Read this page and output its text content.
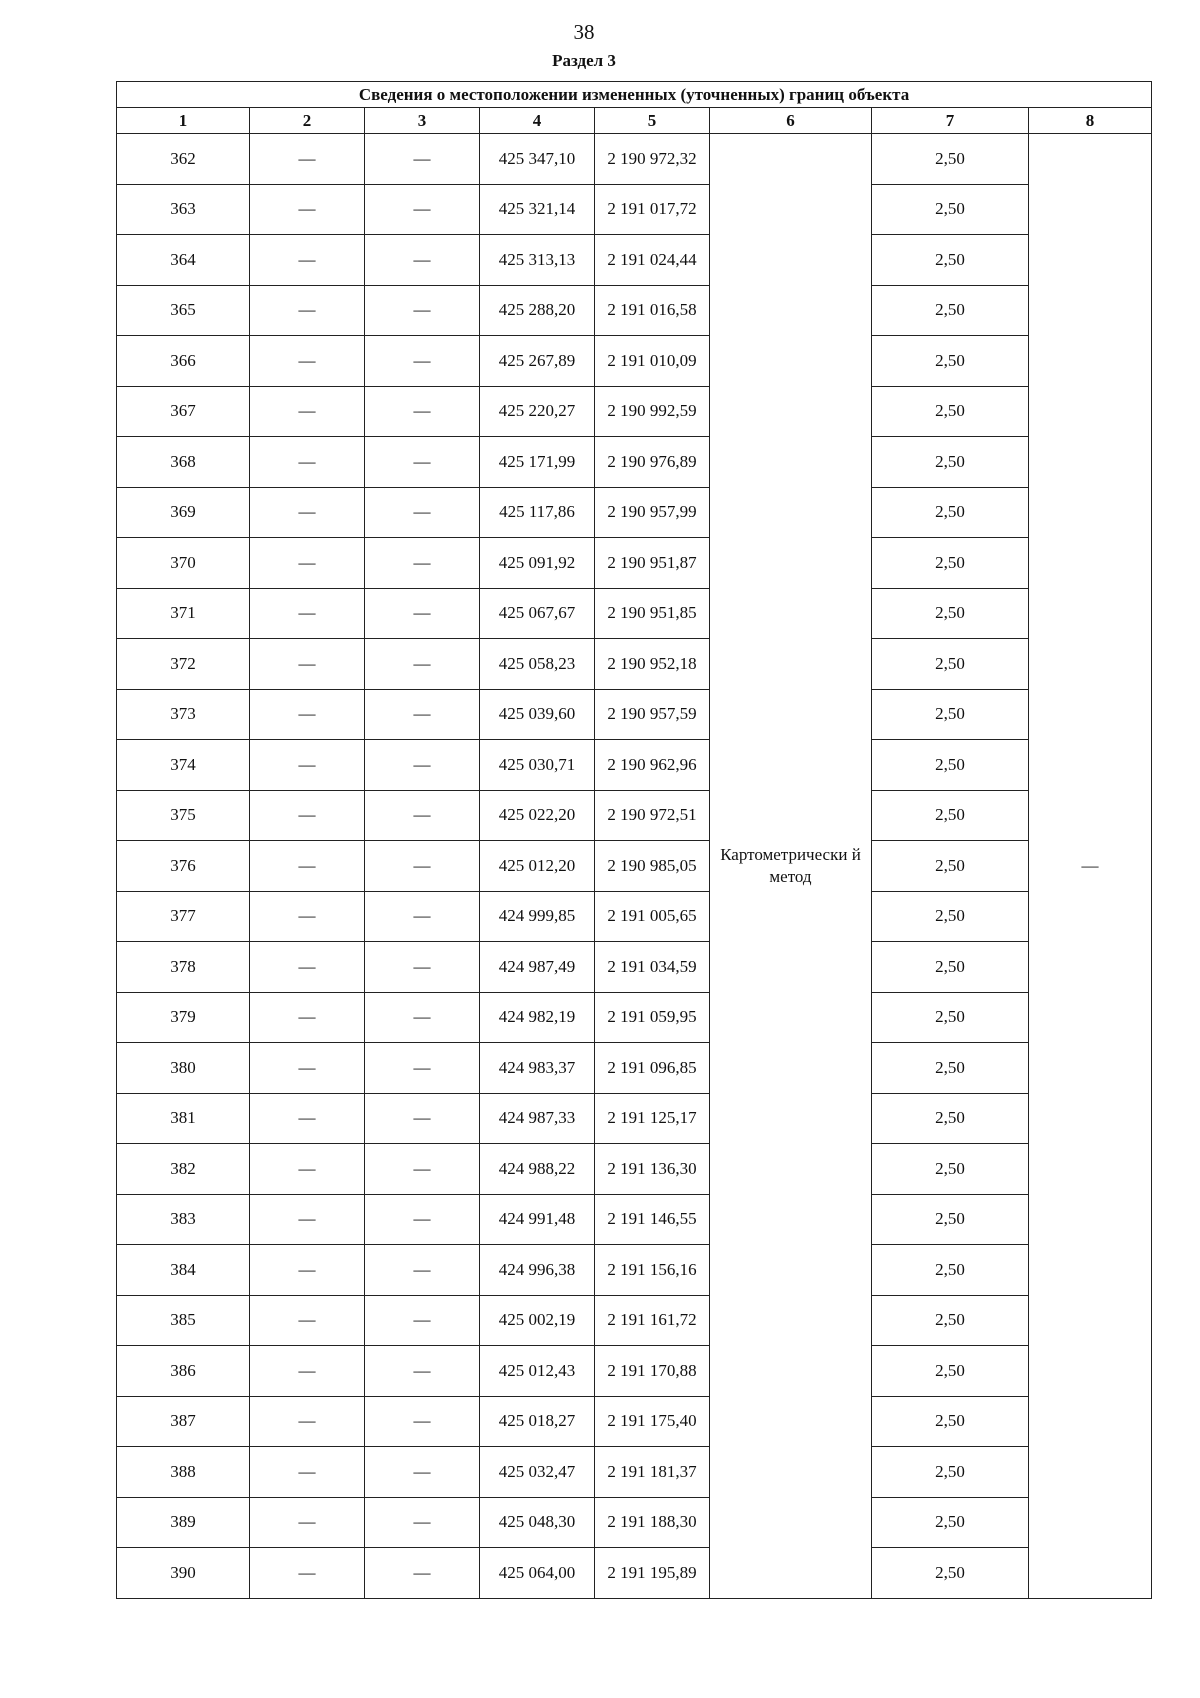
38
Раздел 3
Сведения о местоположении измененных (уточненных) границ объекта							
1	2	3	4	5	6	7	8
362	—	—	425 347,10	2 190 972,32	Картометрически й метод	2,50	—
363	—	—	425 321,14	2 191 017,72		2,50	
364	—	—	425 313,13	2 191 024,44		2,50	
365	—	—	425 288,20	2 191 016,58		2,50	
366	—	—	425 267,89	2 191 010,09		2,50	
367	—	—	425 220,27	2 190 992,59		2,50	
368	—	—	425 171,99	2 190 976,89		2,50	
369	—	—	425 117,86	2 190 957,99		2,50	
370	—	—	425 091,92	2 190 951,87		2,50	
371	—	—	425 067,67	2 190 951,85		2,50	
372	—	—	425 058,23	2 190 952,18		2,50	
373	—	—	425 039,60	2 190 957,59		2,50	
374	—	—	425 030,71	2 190 962,96		2,50	
375	—	—	425 022,20	2 190 972,51		2,50	
376	—	—	425 012,20	2 190 985,05		2,50	
377	—	—	424 999,85	2 191 005,65		2,50	
378	—	—	424 987,49	2 191 034,59		2,50	
379	—	—	424 982,19	2 191 059,95		2,50	
380	—	—	424 983,37	2 191 096,85		2,50	
381	—	—	424 987,33	2 191 125,17		2,50	
382	—	—	424 988,22	2 191 136,30		2,50	
383	—	—	424 991,48	2 191 146,55		2,50	
384	—	—	424 996,38	2 191 156,16		2,50	
385	—	—	425 002,19	2 191 161,72		2,50	
386	—	—	425 012,43	2 191 170,88		2,50	
387	—	—	425 018,27	2 191 175,40		2,50	
388	—	—	425 032,47	2 191 181,37		2,50	
389	—	—	425 048,30	2 191 188,30		2,50	
390	—	—	425 064,00	2 191 195,89		2,50	
